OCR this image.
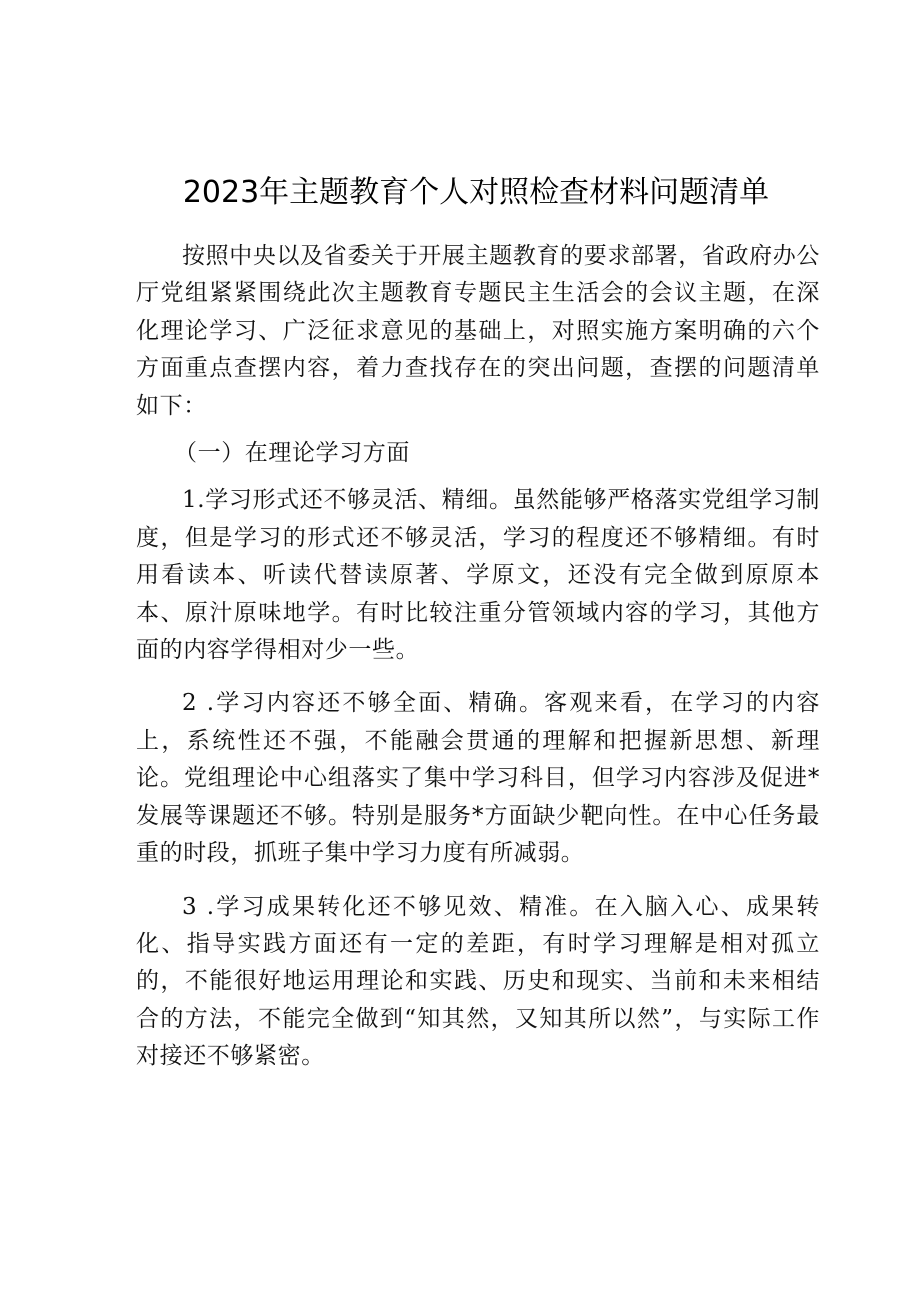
2023年主题教育个人对照检查材料问题清单

按照中央以及省委关于开展主题教育的要求部署，省政府办公厅党组紧紧围绕此次主题教育专题民主生活会的会议主题，在深化理论学习、广泛征求意见的基础上，对照实施方案明确的六个方面重点查摆内容，着力查找存在的突出问题，查摆的问题清单如下：

（一）在理论学习方面

1.学习形式还不够灵活、精细。虽然能够严格落实党组学习制度，但是学习的形式还不够灵活，学习的程度还不够精细。有时用看读本、听读代替读原著、学原文，还没有完全做到原原本本、原汁原味地学。有时比较注重分管领域内容的学习，其他方面的内容学得相对少一些。

2 .学习内容还不够全面、精确。客观来看，在学习的内容上，系统性还不强，不能融会贯通的理解和把握新思想、新理论。党组理论中心组落实了集中学习科目，但学习内容涉及促进*发展等课题还不够。特别是服务*方面缺少靶向性。在中心任务最重的时段，抓班子集中学习力度有所减弱。

3 .学习成果转化还不够见效、精准。在入脑入心、成果转化、指导实践方面还有一定的差距，有时学习理解是相对孤立的，不能很好地运用理论和实践、历史和现实、当前和未来相结合的方法，不能完全做到“知其然，又知其所以然”，与实际工作对接还不够紧密。
